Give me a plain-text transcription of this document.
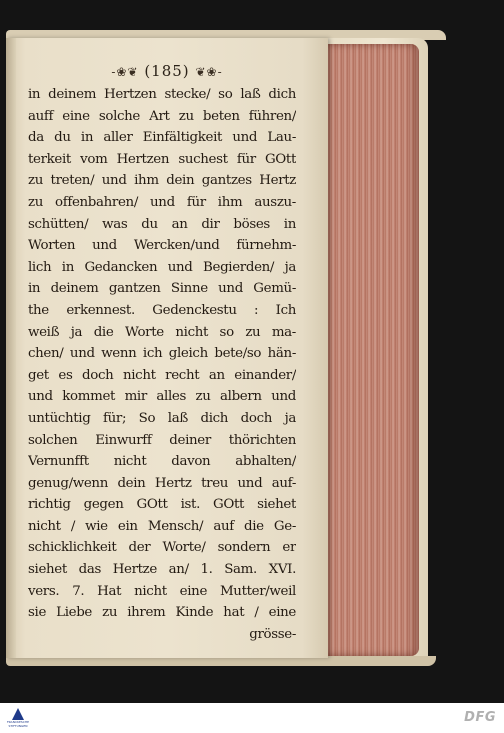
-❀❦ (185) ❦❀-
in deinem Hertzen stecke/ so laß dich
auff eine solche Art zu beten führen/
da du in aller Einfältigkeit und Lau-
terkeit vom Hertzen suchest für GOtt
zu treten/ und ihm dein gantzes Hertz
zu offenbahren/ und für ihm auszu-
schütten/ was du an dir böses in
Worten und Wercken/und fürnehm-
lich in Gedancken und Begierden/ ja
in deinem gantzen Sinne und Gemü-
the erkennest. Gedenckestu : Ich
weiß ja die Worte nicht so zu ma-
chen/ und wenn ich gleich bete/so hän-
get es doch nicht recht an einander/
und kommet mir alles zu albern und
untüchtig für; So laß dich doch ja
solchen Einwurff deiner thörichten
Vernunfft nicht davon abhalten/
genug/wenn dein Hertz treu und auf-
richtig gegen GOtt ist. GOtt siehet
nicht / wie ein Mensch/ auf die Ge-
schicklichkeit der Worte/ sondern er
siehet das Hertze an/ 1. Sam. XVI.
vers. 7. Hat nicht eine Mutter/weil
sie Liebe zu ihrem Kinde hat / eine
grösse-
FRANCKESCHE STIFTUNGEN
DFG
